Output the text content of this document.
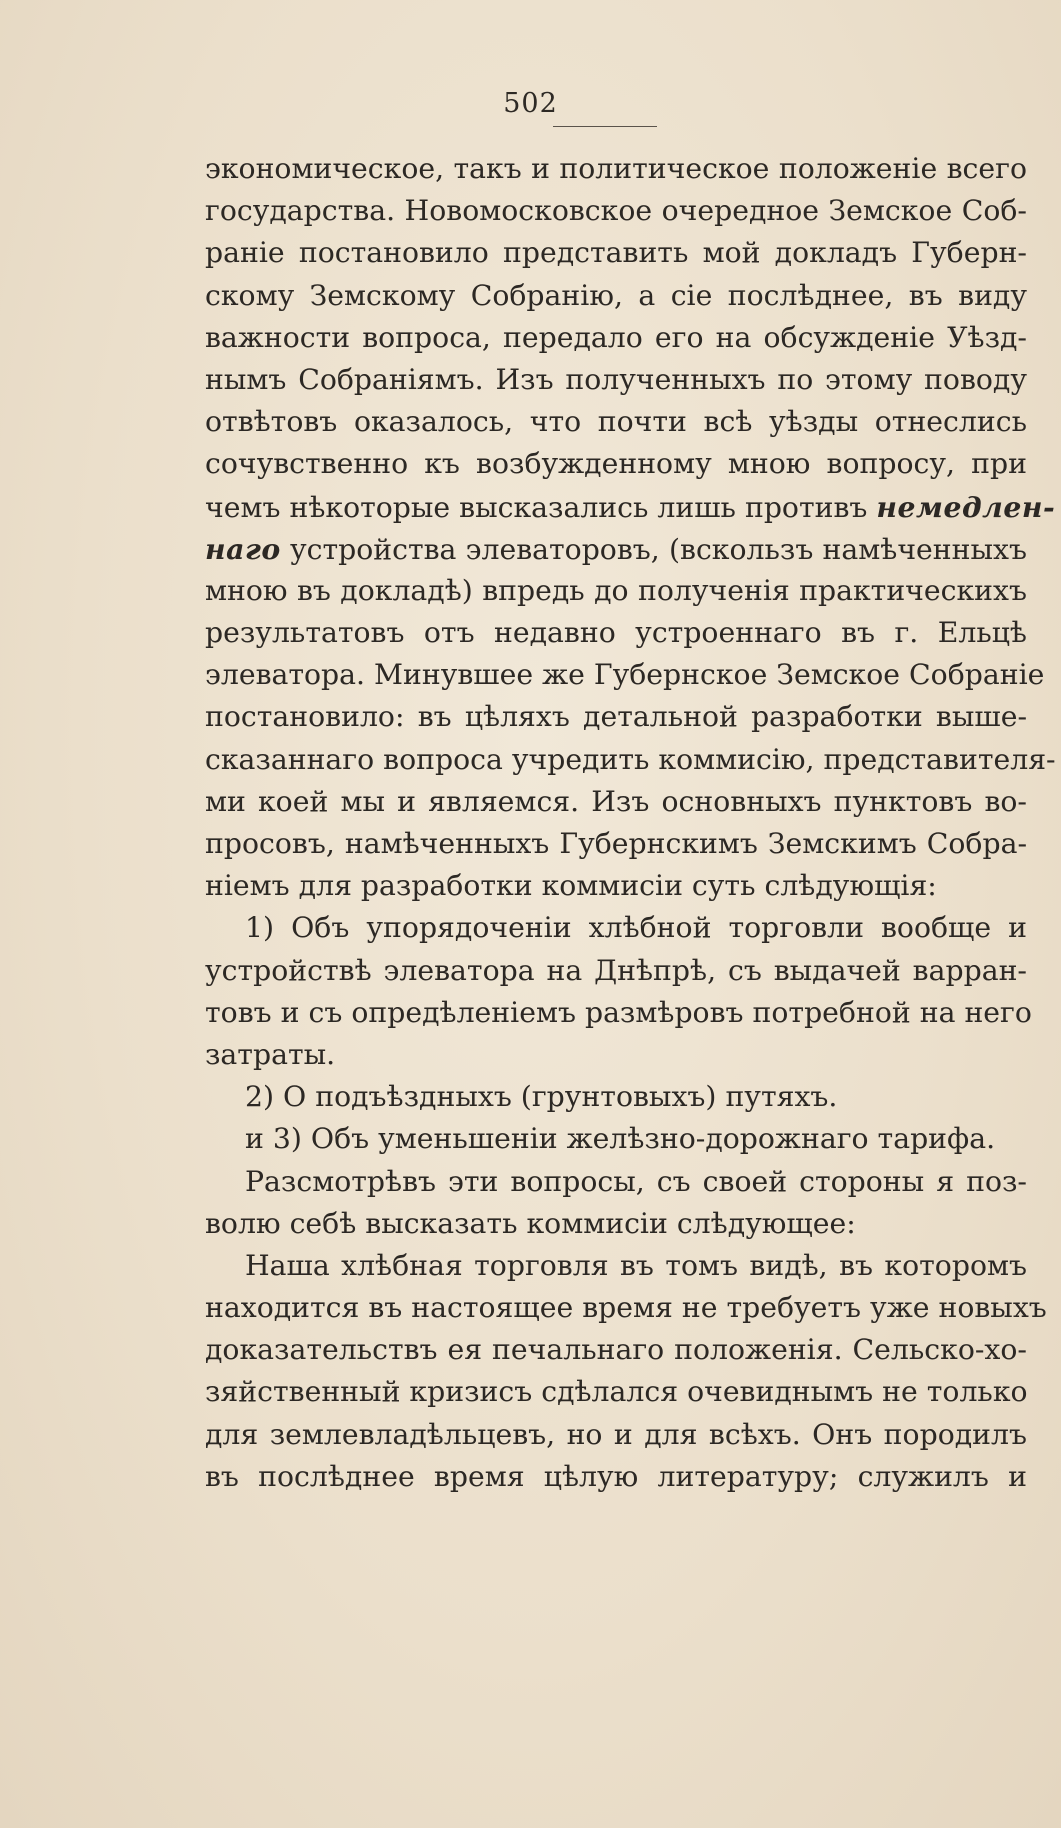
502
экономическое, такъ и политическое положеніе всего
государства. Новомосковское очередное Земское Соб-
раніе постановило представить мой докладъ Губерн-
скому Земскому Собранію, а сіе послѣднее, въ виду
важности вопроса, передало его на обсужденіе Уѣзд-
нымъ Собраніямъ. Изъ полученныхъ по этому поводу
отвѣтовъ оказалось, что почти всѣ уѣзды отнеслись
сочувственно къ возбужденному мною вопросу, при
чемъ нѣкоторые высказались лишь противъ немедлен-
наго устройства элеваторовъ, (вскользъ намѣченныхъ
мною въ докладѣ) впредь до полученія практическихъ
результатовъ отъ недавно устроеннаго въ г. Ельцѣ
элеватора. Минувшее же Губернское Земское Собраніе
постановило: въ цѣляхъ детальной разработки выше-
сказаннаго вопроса учредить коммисію, представителя-
ми коей мы и являемся. Изъ основныхъ пунктовъ во-
просовъ, намѣченныхъ Губернскимъ Земскимъ Собра-
ніемъ для разработки коммисіи суть слѣдующія:
1) Объ упорядоченіи хлѣбной торговли вообще и
устройствѣ элеватора на Днѣпрѣ, съ выдачей варран-
товъ и съ опредѣленіемъ размѣровъ потребной на него
затраты.
2) О подъѣздныхъ (грунтовыхъ) путяхъ.
и 3) Объ уменьшеніи желѣзно-дорожнаго тарифа.
Разсмотрѣвъ эти вопросы, съ своей стороны я поз-
волю себѣ высказать коммисіи слѣдующее:
Наша хлѣбная торговля въ томъ видѣ, въ которомъ
находится въ настоящее время не требуетъ уже новыхъ
доказательствъ ея печальнаго положенія. Сельско-хо-
зяйственный кризисъ сдѣлался очевиднымъ не только
для землевладѣльцевъ, но и для всѣхъ. Онъ породилъ
въ послѣднее время цѣлую литературу; служилъ и
